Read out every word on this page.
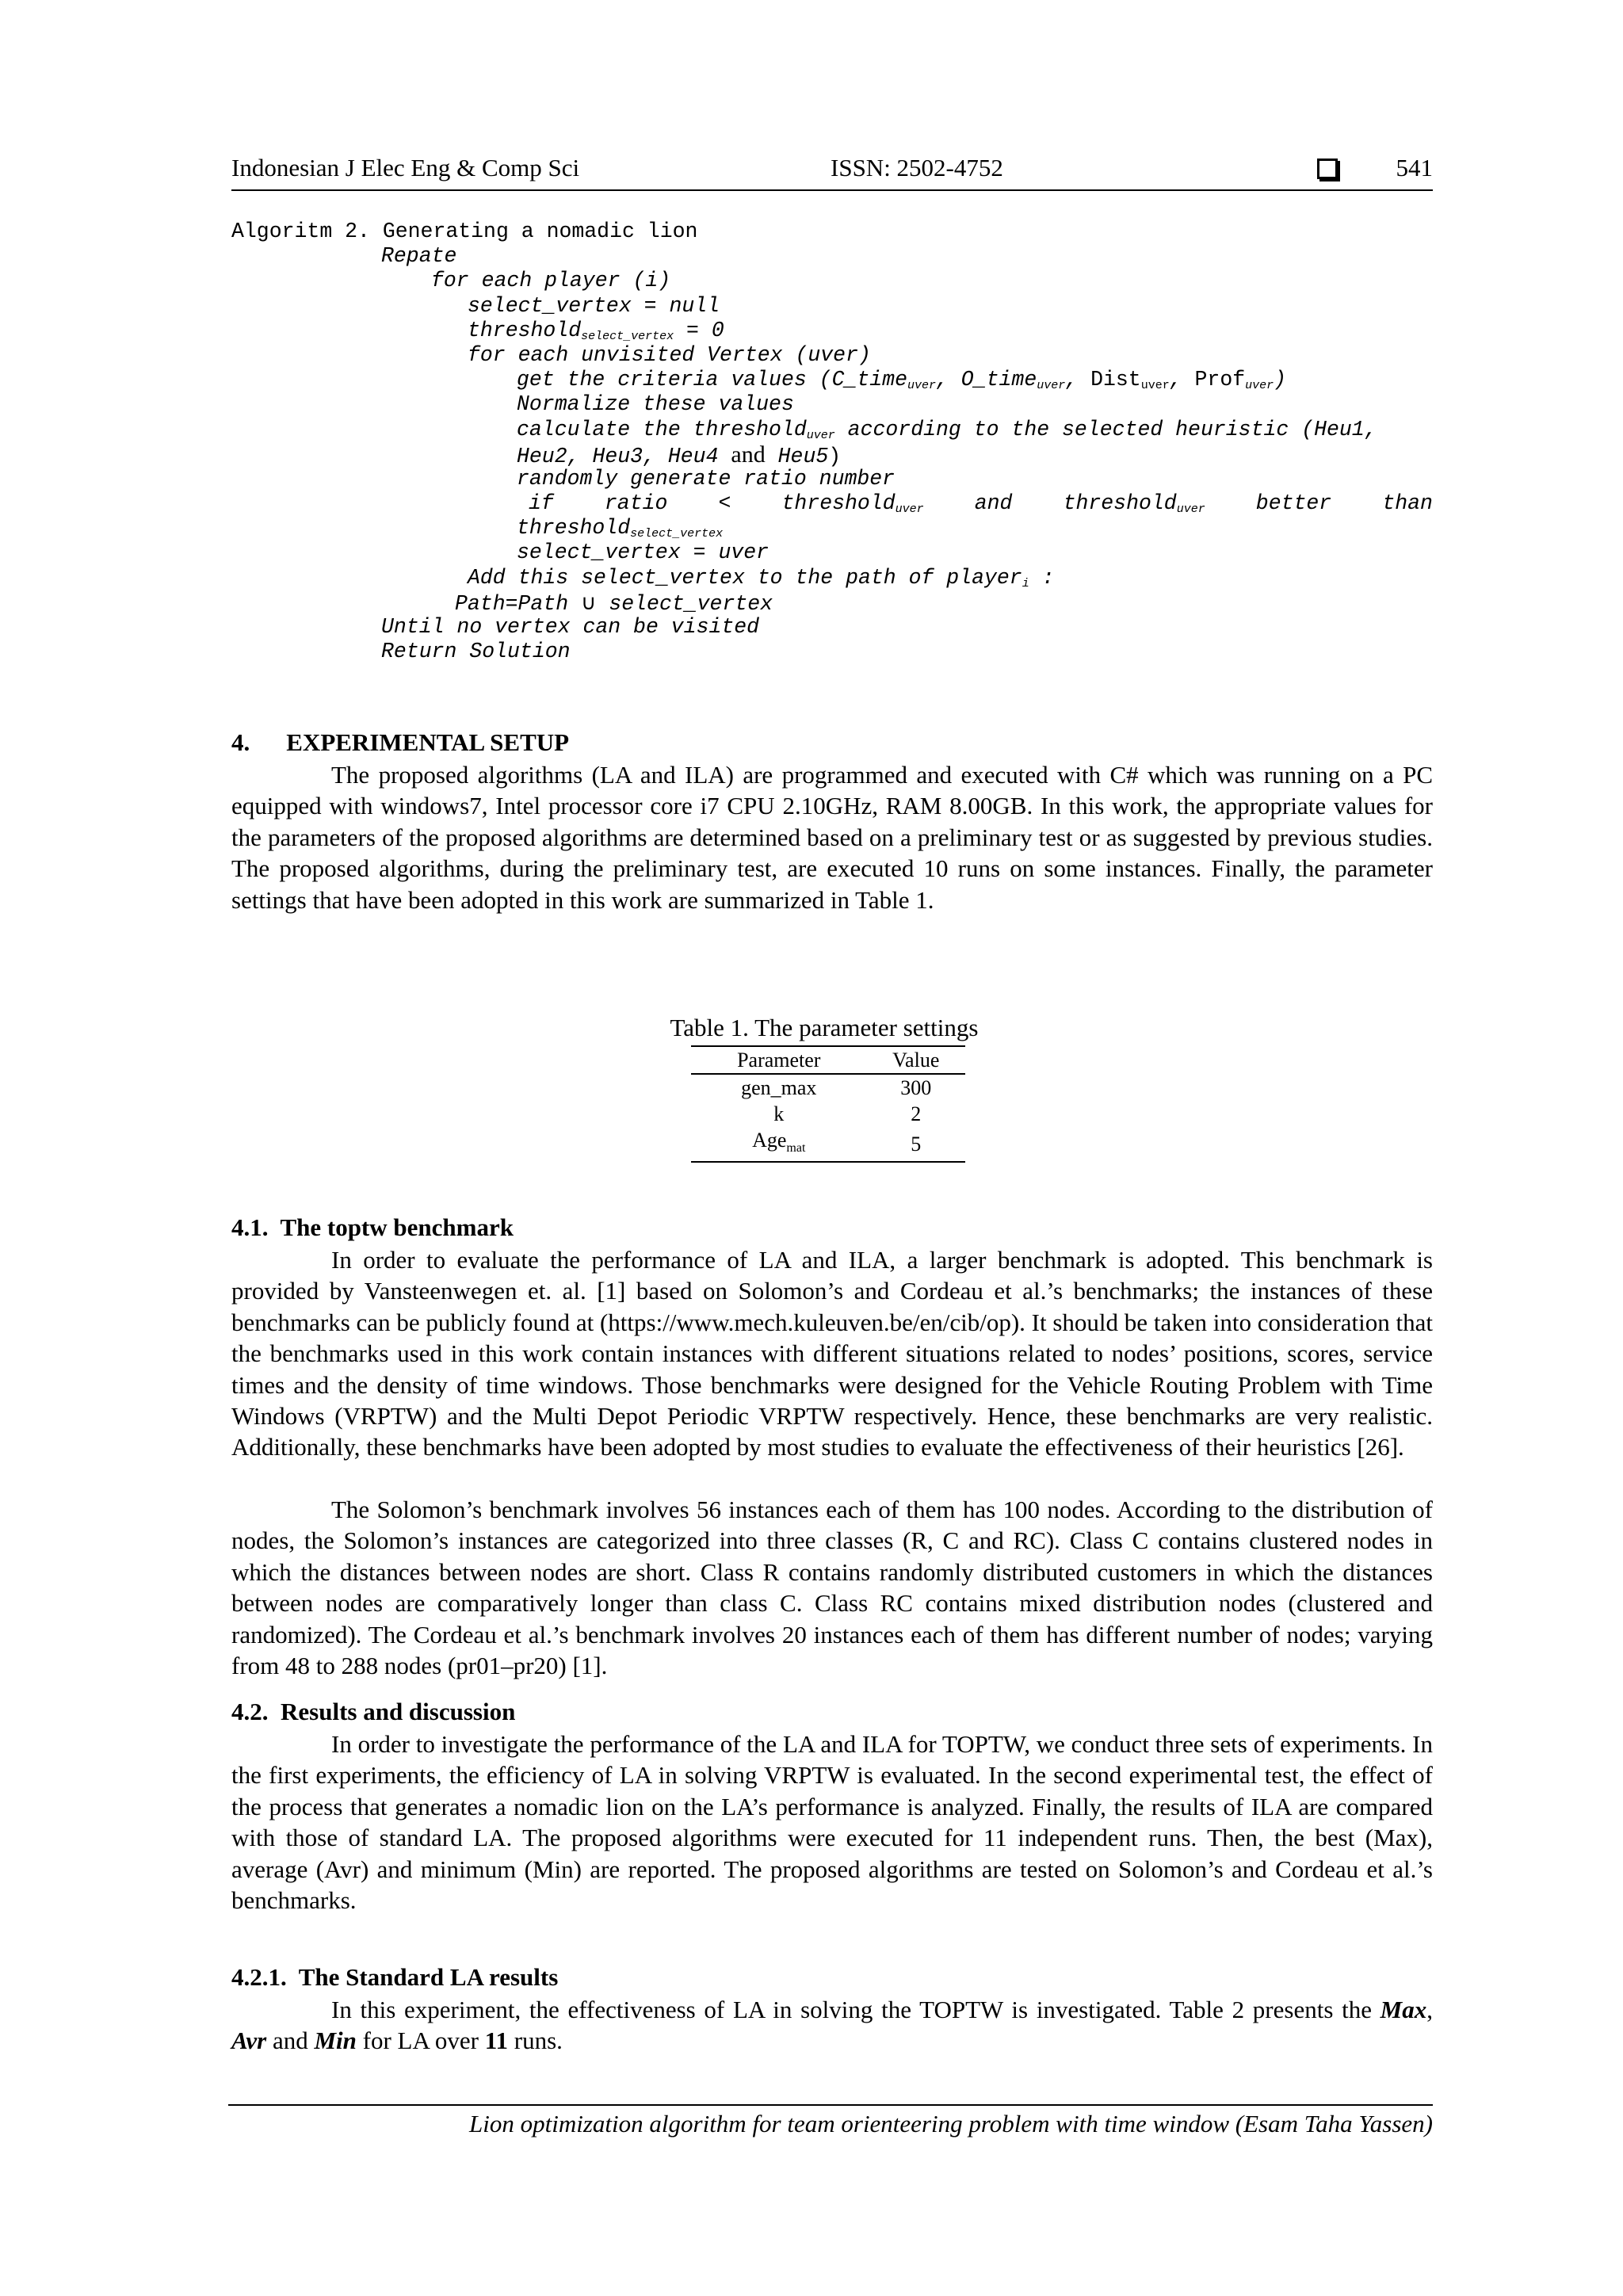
Indonesian J Elec Eng & Comp Sci	ISSN: 2502-4752	541
Algoritm 2. Generating a nomadic lion
Repate
for each player (i)
select_vertex = null
threshold$_{select\_vertex}$ = 0
for each unvisited Vertex (uver)
get the criteria values (C_time$_{uver}$, O_time$_{uver}$, Dist$_{uver}$, Prof$_{uver}$)
Normalize these values
calculate the threshold$_{uver}$ according to the selected heuristic (Heu1,
Heu2, Heu3, Heu4 and Heu5)
randomly generate ratio number
if ratio < threshold$_{uver}$ and threshold$_{uver}$ better than
threshold$_{select\_vertex}$
select_vertex = uver
Add this select_vertex to the path of player$_i$ :
Path=Path ∪ select_vertex
Until no vertex can be visited
Return Solution
4. EXPERIMENTAL SETUP
The proposed algorithms (LA and ILA) are programmed and executed with C# which was running on a PC equipped with windows7, Intel processor core i7 CPU 2.10GHz, RAM 8.00GB. In this work, the appropriate values for the parameters of the proposed algorithms are determined based on a preliminary test or as suggested by previous studies. The proposed algorithms, during the preliminary test, are executed 10 runs on some instances. Finally, the parameter settings that have been adopted in this work are summarized in Table 1.
Table 1. The parameter settings
Parameter	Value
gen_max	300
k	2
Age$_{mat}$	5
4.1.  The toptw benchmark
In order to evaluate the performance of LA and ILA, a larger benchmark is adopted. This benchmark is provided by Vansteenwegen et. al. [1] based on Solomon’s and Cordeau et al.’s benchmarks; the instances of these benchmarks can be publicly found at (https://www.mech.kuleuven.be/en/cib/op). It should be taken into consideration that the benchmarks used in this work contain instances with different situations related to nodes’ positions, scores, service times and the density of time windows. Those benchmarks were designed for the Vehicle Routing Problem with Time Windows (VRPTW) and the Multi Depot Periodic VRPTW respectively. Hence, these benchmarks are very realistic. Additionally, these benchmarks have been adopted by most studies to evaluate the effectiveness of their heuristics [26].
The Solomon’s benchmark involves 56 instances each of them has 100 nodes. According to the distribution of nodes, the Solomon’s instances are categorized into three classes (R, C and RC). Class C contains clustered nodes in which the distances between nodes are short. Class R contains randomly distributed customers in which the distances between nodes are comparatively longer than class C. Class RC contains mixed distribution nodes (clustered and randomized). The Cordeau et al.’s benchmark involves 20 instances each of them has different number of nodes; varying from 48 to 288 nodes (pr01–pr20) [1].
4.2.  Results and discussion
In order to investigate the performance of the LA and ILA for TOPTW, we conduct three sets of experiments. In the first experiments, the efficiency of LA in solving VRPTW is evaluated. In the second experimental test, the effect of the process that generates a nomadic lion on the LA’s performance is analyzed. Finally, the results of ILA are compared with those of standard LA. The proposed algorithms were executed for 11 independent runs. Then, the best (Max), average (Avr) and minimum (Min) are reported. The proposed algorithms are tested on Solomon’s and Cordeau et al.’s benchmarks.
4.2.1.  The Standard LA results
In this experiment, the effectiveness of LA in solving the TOPTW is investigated. Table 2 presents the Max, Avr and Min for LA over 11 runs.
Lion optimization algorithm for team orienteering problem with time window (Esam Taha Yassen)
